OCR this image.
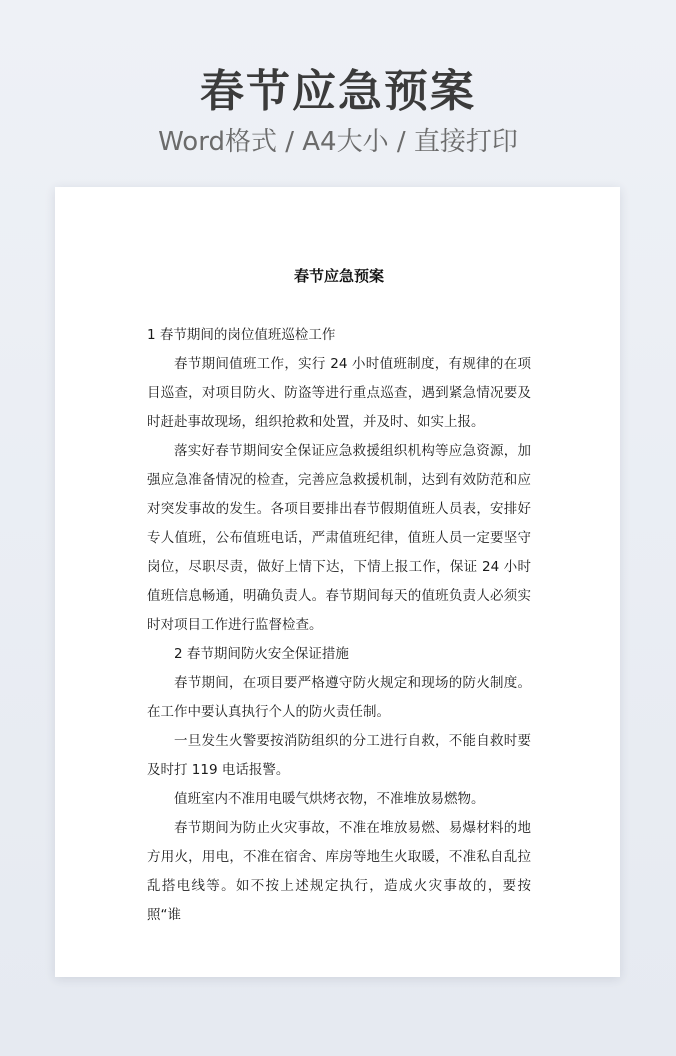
春节应急预案
Word格式 / A4大小 / 直接打印
春节应急预案

1 春节期间的岗位值班巡检工作

春节期间值班工作，实行 24 小时值班制度，有规律的在项目巡查，对项目防火、防盗等进行重点巡查，遇到紧急情况要及时赶赴事故现场，组织抢救和处置，并及时、如实上报。

落实好春节期间安全保证应急救援组织机构等应急资源，加强应急准备情况的检查，完善应急救援机制，达到有效防范和应对突发事故的发生。各项目要排出春节假期值班人员表，安排好专人值班，公布值班电话，严肃值班纪律，值班人员一定要坚守岗位，尽职尽责，做好上情下达，下情上报工作，保证 24 小时值班信息畅通，明确负责人。春节期间每天的值班负责人必须实时对项目工作进行监督检查。

2 春节期间防火安全保证措施

春节期间，在项目要严格遵守防火规定和现场的防火制度。在工作中要认真执行个人的防火责任制。

一旦发生火警要按消防组织的分工进行自救，不能自救时要及时打 119 电话报警。

值班室内不准用电暖气烘烤衣物，不准堆放易燃物。

春节期间为防止火灾事故，不准在堆放易燃、易爆材料的地方用火，用电，不准在宿舍、库房等地生火取暖，不准私自乱拉乱搭电线等。如不按上述规定执行，造成火灾事故的，要按照“谁
